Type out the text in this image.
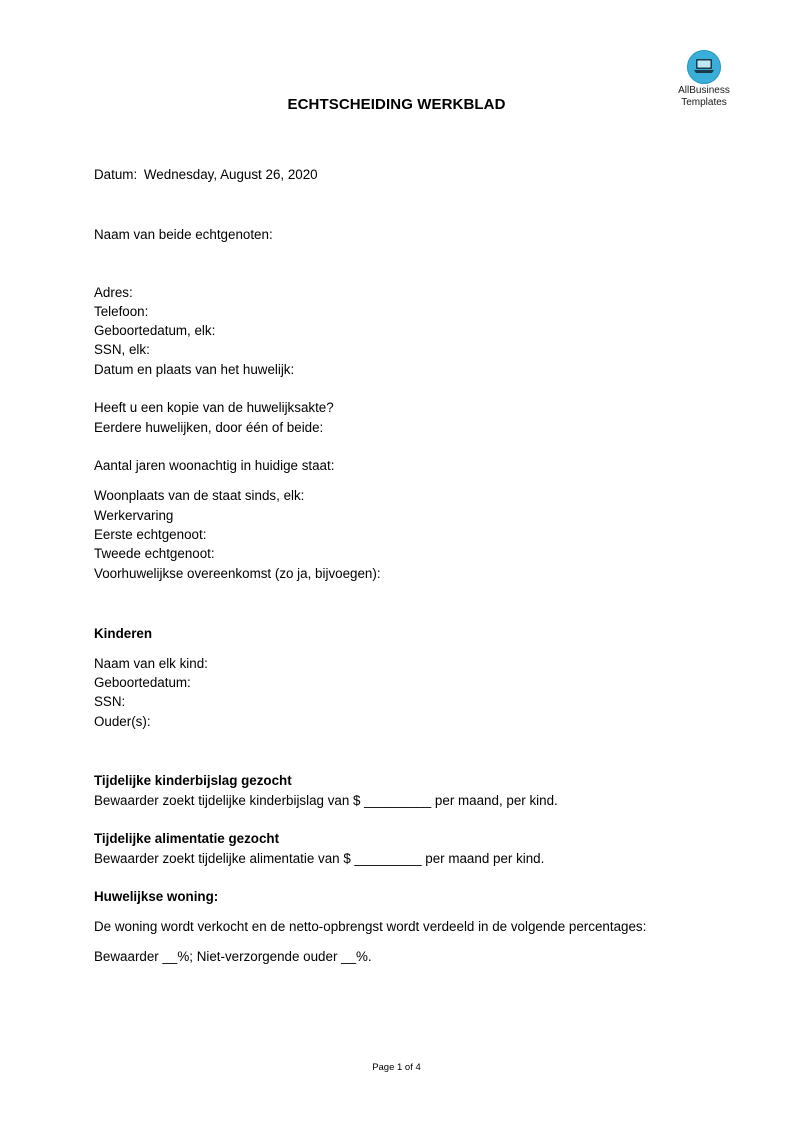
AllBusiness
Templates
ECHTSCHEIDING WERKBLAD
Datum: Wednesday, August 26, 2020
Naam van beide echtgenoten:
Adres:
Telefoon:
Geboortedatum, elk:
SSN, elk:
Datum en plaats van het huwelijk:
Heeft u een kopie van de huwelijksakte?
Eerdere huwelijken, door één of beide:
Aantal jaren woonachtig in huidige staat:
Woonplaats van de staat sinds, elk:
Werkervaring
Eerste echtgenoot:
Tweede echtgenoot:
Voorhuwelijkse overeenkomst (zo ja, bijvoegen):
Kinderen
Naam van elk kind:
Geboortedatum:
SSN:
Ouder(s):
Tijdelijke kinderbijslag gezocht
Bewaarder zoekt tijdelijke kinderbijslag van $ _________ per maand, per kind.
Tijdelijke alimentatie gezocht
Bewaarder zoekt tijdelijke alimentatie van $ _________ per maand per kind.
Huwelijkse woning:
De woning wordt verkocht en de netto-opbrengst wordt verdeeld in de volgende percentages:
Bewaarder __%; Niet-verzorgende ouder __%.
Page 1 of 4
